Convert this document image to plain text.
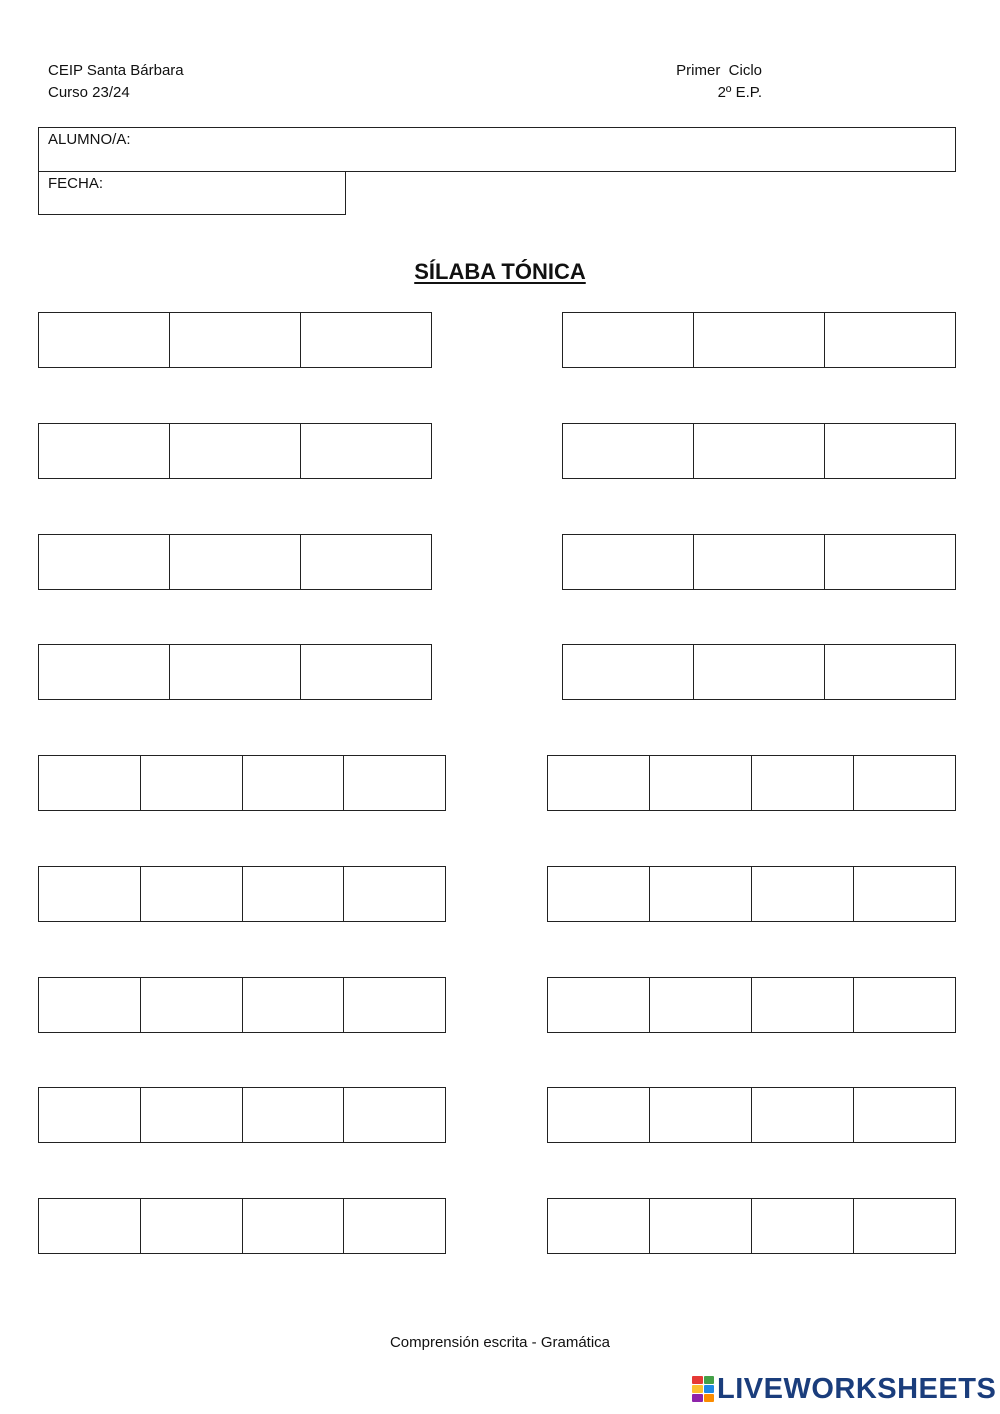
CEIP Santa Bárbara
Curso 23/24
Primer  Ciclo
2º E.P.
ALUMNO/A:
FECHA:
SÍLABA TÓNICA
Comprensión escrita - Gramática
LIVEWORKSHEETS
